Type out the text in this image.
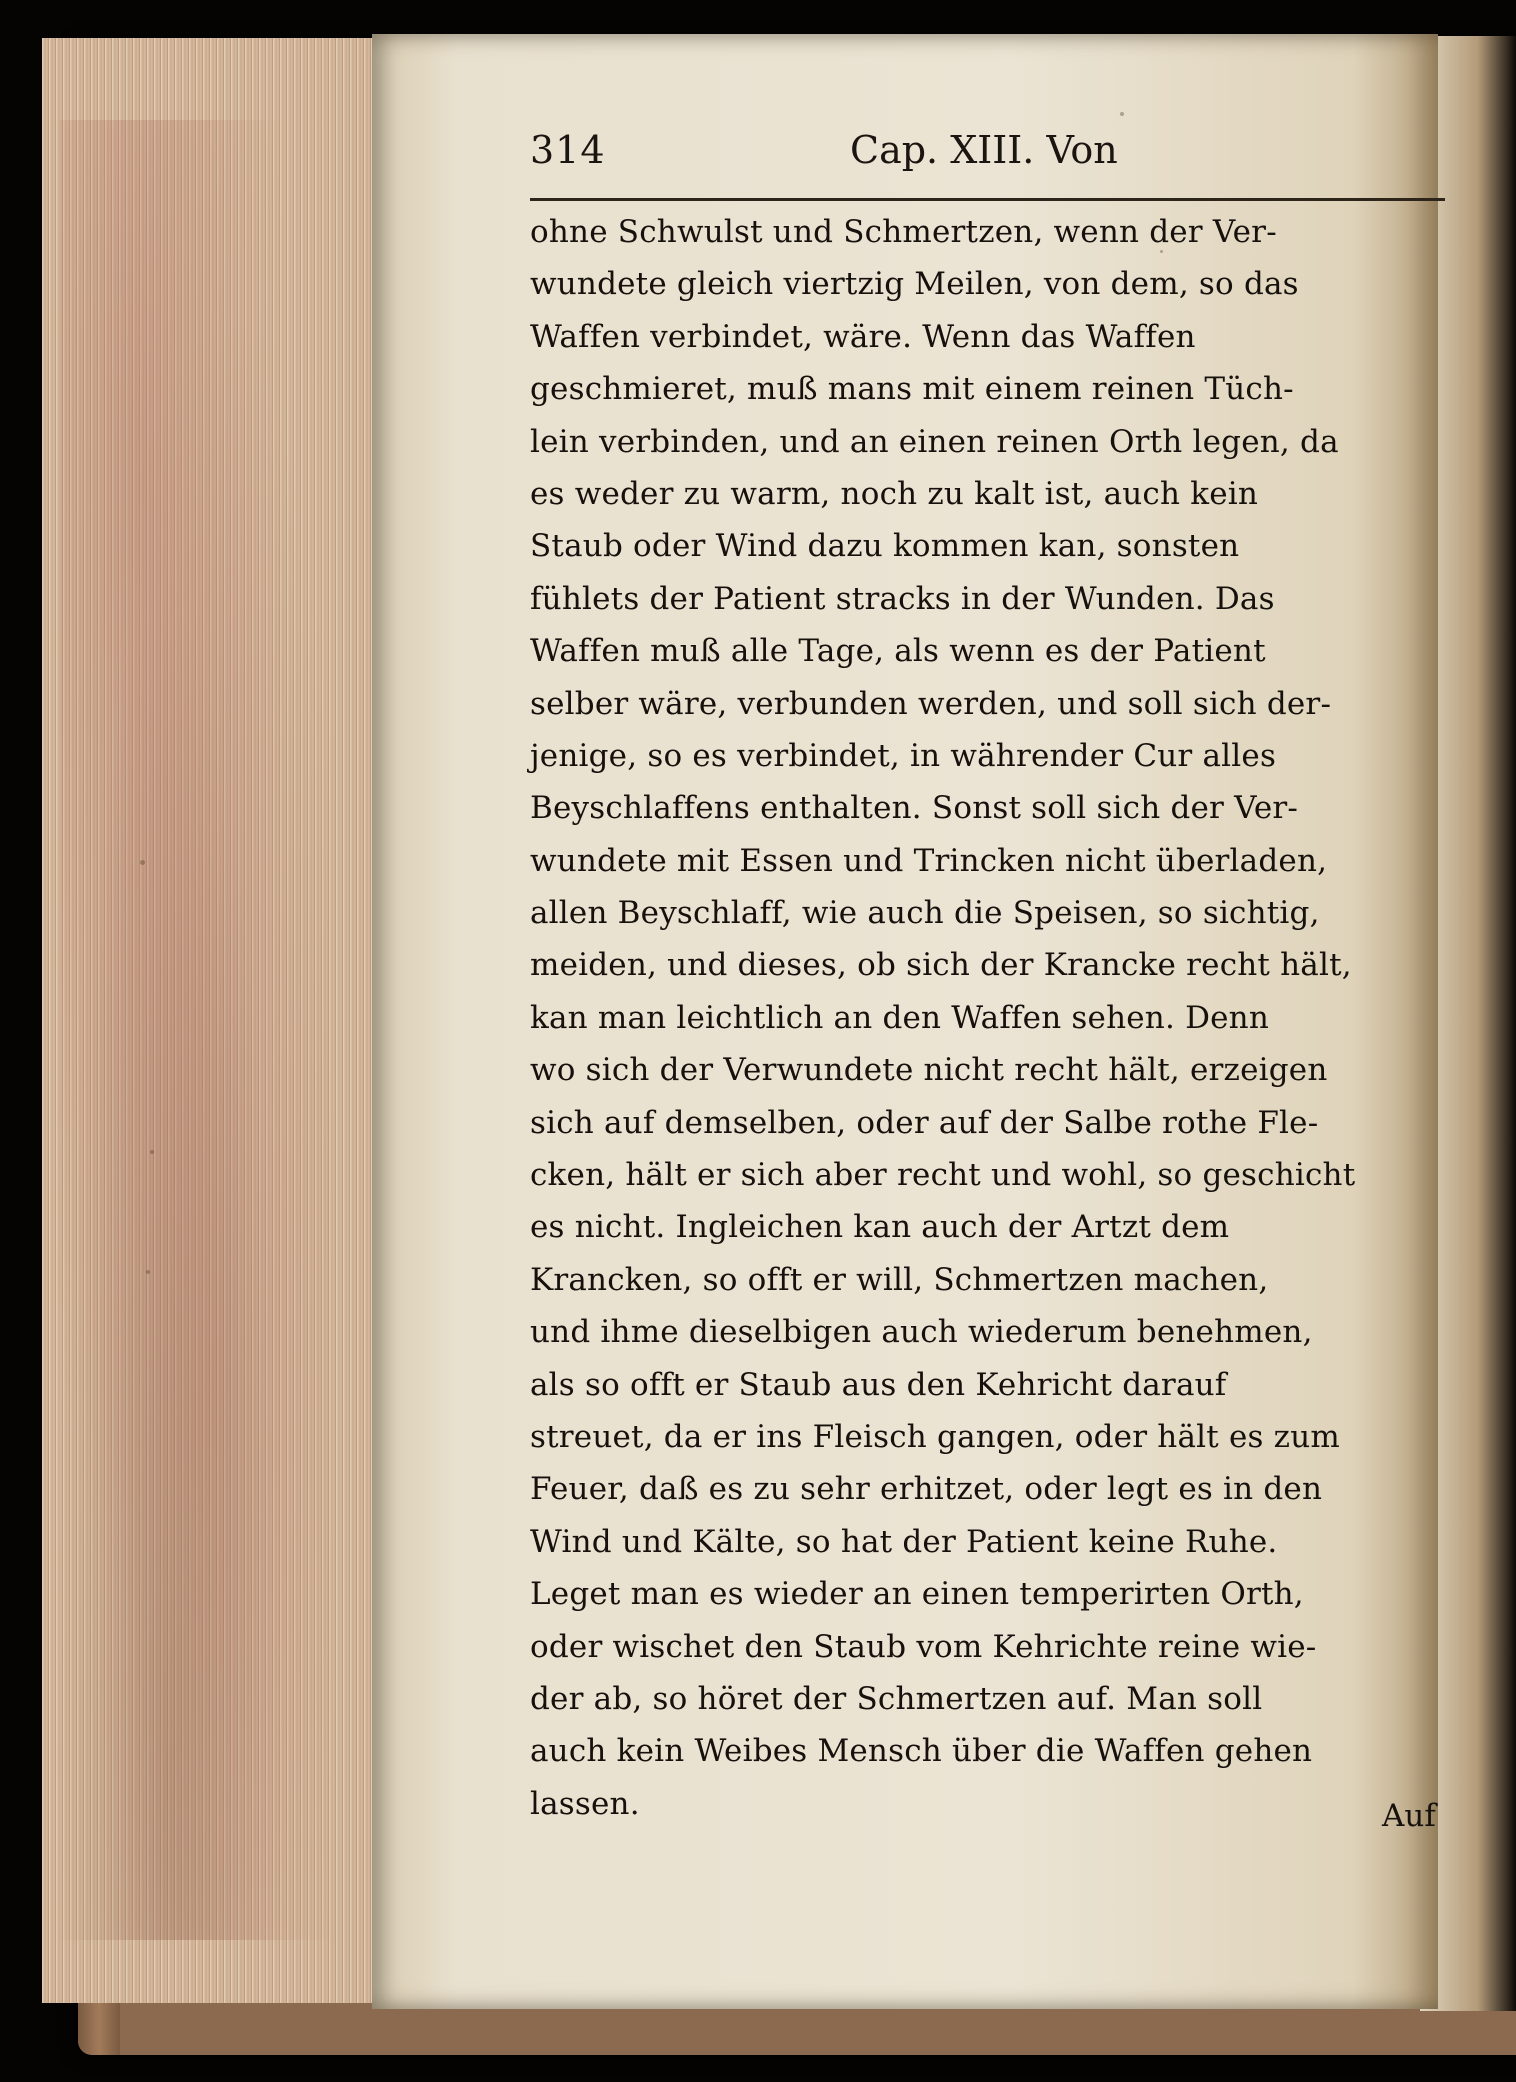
314	Cap. XIII. Von
ohne Schwulst und Schmertzen, wenn der Ver-
wundete gleich viertzig Meilen, von dem, so das
Waffen verbindet, wäre. Wenn das Waffen
geschmieret, muß mans mit einem reinen Tüch-
lein verbinden, und an einen reinen Orth legen, da
es weder zu warm, noch zu kalt ist, auch kein
Staub oder Wind dazu kommen kan, sonsten
fühlets der Patient stracks in der Wunden. Das
Waffen muß alle Tage, als wenn es der Patient
selber wäre, verbunden werden, und soll sich der-
jenige, so es verbindet, in währender Cur alles
Beyschlaffens enthalten. Sonst soll sich der Ver-
wundete mit Essen und Trincken nicht überladen,
allen Beyschlaff, wie auch die Speisen, so sichtig,
meiden, und dieses, ob sich der Krancke recht hält,
kan man leichtlich an den Waffen sehen. Denn
wo sich der Verwundete nicht recht hält, erzeigen
sich auf demselben, oder auf der Salbe rothe Fle-
cken, hält er sich aber recht und wohl, so geschicht
es nicht. Ingleichen kan auch der Artzt dem
Krancken, so offt er will, Schmertzen machen,
und ihme dieselbigen auch wiederum benehmen,
als so offt er Staub aus den Kehricht darauf
streuet, da er ins Fleisch gangen, oder hält es zum
Feuer, daß es zu sehr erhitzet, oder legt es in den
Wind und Kälte, so hat der Patient keine Ruhe.
Leget man es wieder an einen temperirten Orth,
oder wischet den Staub vom Kehrichte reine wie-
der ab, so höret der Schmertzen auf. Man soll
auch kein Weibes Mensch über die Waffen gehen
lassen.	Auf
